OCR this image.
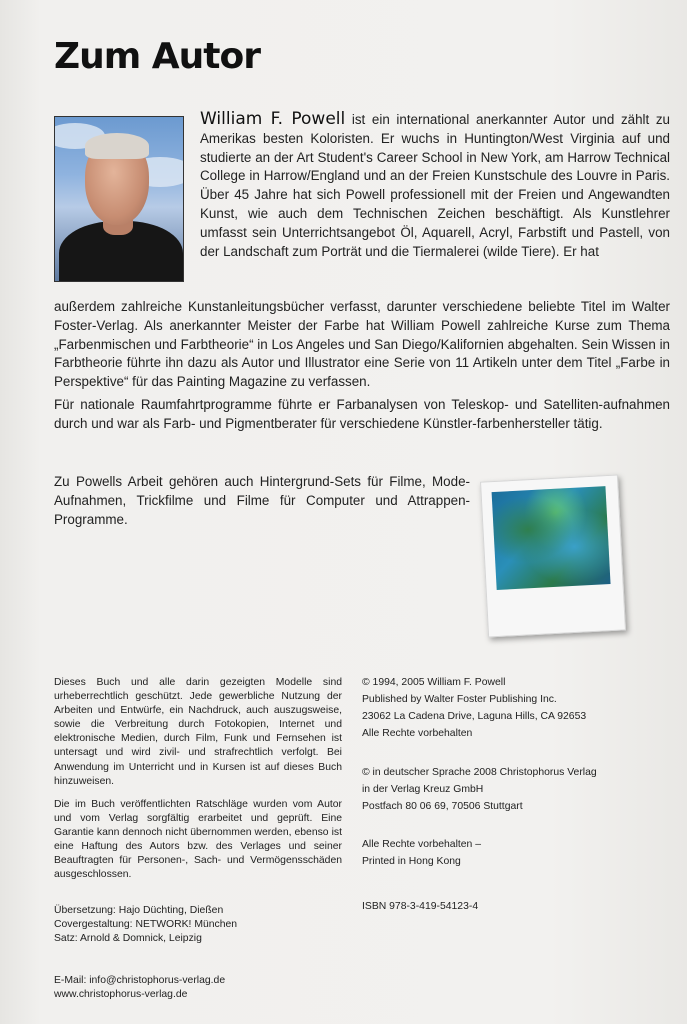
Zum Autor

William F. Powell ist ein international anerkannter Autor und zählt zu Amerikas besten Koloristen. Er wuchs in Huntington/West Virginia auf und studierte an der Art Student's Career School in New York, am Harrow Technical College in Harrow/England und an der Freien Kunstschule des Louvre in Paris. Über 45 Jahre hat sich Powell professionell mit der Freien und Angewandten Kunst, wie auch dem Technischen Zeichen beschäftigt. Als Kunstlehrer umfasst sein Unterrichtsangebot Öl, Aquarell, Acryl, Farbstift und Pastell, von der Landschaft zum Porträt und die Tiermalerei (wilde Tiere). Er hat

außerdem zahlreiche Kunstanleitungsbücher verfasst, darunter verschiedene beliebte Titel im Walter Foster-Verlag. Als anerkannter Meister der Farbe hat William Powell zahlreiche Kurse zum Thema „Farbenmischen und Farbtheorie“ in Los Angeles und San Diego/Kalifornien abgehalten. Sein Wissen in Farbtheorie führte ihn dazu als Autor und Illustrator eine Serie von 11 Artikeln unter dem Titel „Farbe in Perspektive“ für das Painting Magazine zu verfassen.

Für nationale Raumfahrtprogramme führte er Farbanalysen von Teleskop- und Satelliten-aufnahmen durch und war als Farb- und Pigmentberater für verschiedene Künstler-farbenhersteller tätig.

Zu Powells Arbeit gehören auch Hintergrund-Sets für Filme, Mode-Aufnahmen, Trickfilme und Filme für Computer und Attrappen-Programme.

Dieses Buch und alle darin gezeigten Modelle sind urheberrechtlich geschützt. Jede gewerbliche Nutzung der Arbeiten und Entwürfe, ein Nachdruck, auch auszugsweise, sowie die Verbreitung durch Fotokopien, Internet und elektronische Medien, durch Film, Funk und Fernsehen ist untersagt und wird zivil- und strafrechtlich verfolgt. Bei Anwendung im Unterricht und in Kursen ist auf dieses Buch hinzuweisen.

Die im Buch veröffentlichten Ratschläge wurden vom Autor und vom Verlag sorgfältig erarbeitet und geprüft. Eine Garantie kann dennoch nicht übernommen werden, ebenso ist eine Haftung des Autors bzw. des Verlages und seiner Beauftragten für Personen-, Sach- und Vermögensschäden ausgeschlossen.

Übersetzung: Hajo Düchting, Dießen
Covergestaltung: NETWORK! München
Satz: Arnold & Domnick, Leipzig
E-Mail: info@christophorus-verlag.de
www.christophorus-verlag.de
© 1994, 2005 William F. Powell
Published by Walter Foster Publishing Inc.
23062 La Cadena Drive, Laguna Hills, CA 92653
Alle Rechte vorbehalten
© in deutscher Sprache 2008 Christophorus Verlag
in der Verlag Kreuz GmbH
Postfach 80 06 69, 70506 Stuttgart
Alle Rechte vorbehalten –
Printed in Hong Kong
ISBN 978-3-419-54123-4
